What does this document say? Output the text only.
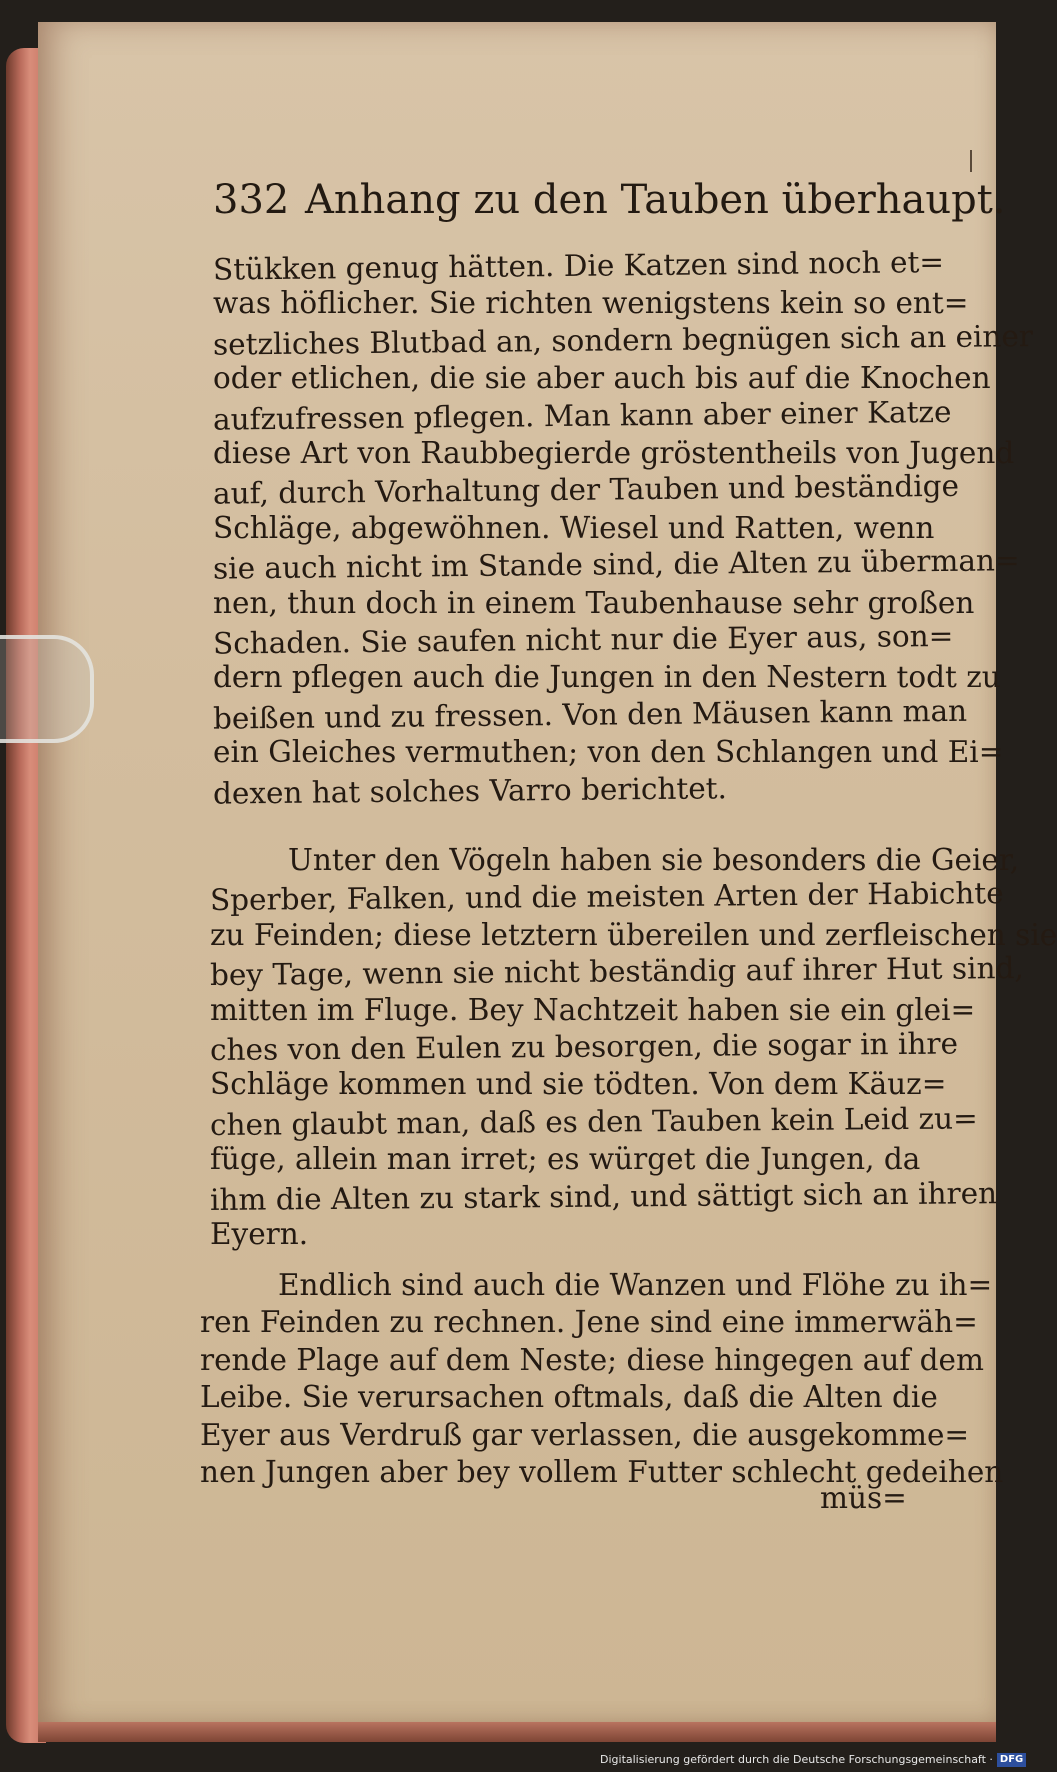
332 Anhang zu den Tauben überhaupt.
Stükken genug hätten. Die Katzen sind noch et=
was höflicher. Sie richten wenigstens kein so ent=
setzliches Blutbad an, sondern begnügen sich an einer
oder etlichen, die sie aber auch bis auf die Knochen
aufzufressen pflegen. Man kann aber einer Katze
diese Art von Raubbegierde gröstentheils von Jugend
auf, durch Vorhaltung der Tauben und beständige
Schläge, abgewöhnen. Wiesel und Ratten, wenn
sie auch nicht im Stande sind, die Alten zu überman=
nen, thun doch in einem Taubenhause sehr großen
Schaden. Sie saufen nicht nur die Eyer aus, son=
dern pflegen auch die Jungen in den Nestern todt zu
beißen und zu fressen. Von den Mäusen kann man
ein Gleiches vermuthen; von den Schlangen und Ei=
dexen hat solches Varro berichtet.
Unter den Vögeln haben sie besonders die Geier,
Sperber, Falken, und die meisten Arten der Habichte
zu Feinden; diese letztern übereilen und zerfleischen sie
bey Tage, wenn sie nicht beständig auf ihrer Hut sind,
mitten im Fluge. Bey Nachtzeit haben sie ein glei=
ches von den Eulen zu besorgen, die sogar in ihre
Schläge kommen und sie tödten. Von dem Käuz=
chen glaubt man, daß es den Tauben kein Leid zu=
füge, allein man irret; es würget die Jungen, da
ihm die Alten zu stark sind, und sättigt sich an ihren
Eyern.
Endlich sind auch die Wanzen und Flöhe zu ih=
ren Feinden zu rechnen. Jene sind eine immerwäh=
rende Plage auf dem Neste; diese hingegen auf dem
Leibe. Sie verursachen oftmals, daß die Alten die
Eyer aus Verdruß gar verlassen, die ausgekomme=
nen Jungen aber bey vollem Futter schlecht gedeihen
müs=
Digitalisierung gefördert durch die Deutsche Forschungsgemeinschaft · DFG
